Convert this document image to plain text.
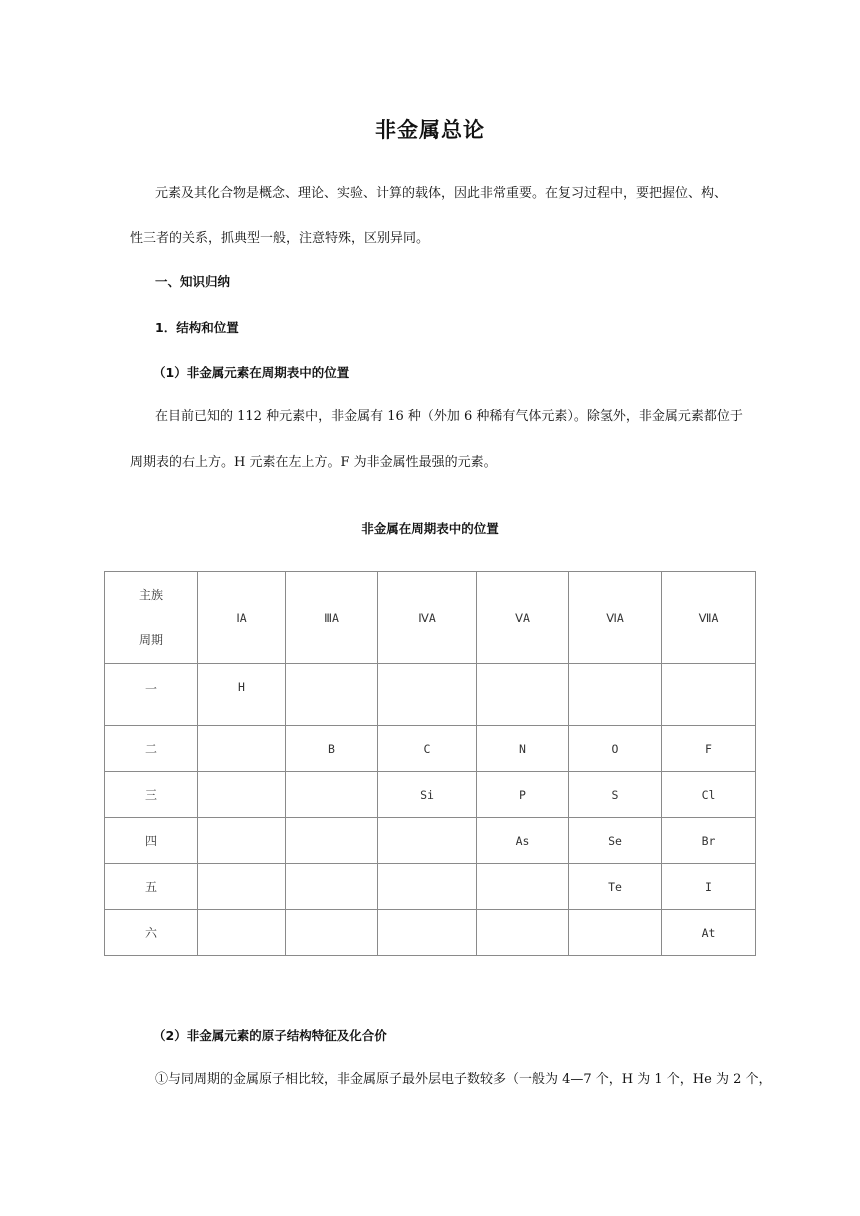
非金属总论
元素及其化合物是概念、理论、实验、计算的载体，因此非常重要。在复习过程中，要把握位、构、
性三者的关系，抓典型一般，注意特殊，区别异同。
一、知识归纳
1．结构和位置
（1）非金属元素在周期表中的位置
在目前已知的 112 种元素中，非金属有 16 种（外加 6 种稀有气体元素）。除氢外，非金属元素都位于
周期表的右上方。H 元素在左上方。F 为非金属性最强的元素。
非金属在周期表中的位置
主族
周期	ⅠA	ⅢA	ⅣA	ⅤA	ⅥA	ⅦA
一	H					
二		B	C	N	O	F
三			Si	P	S	Cl
四				As	Se	Br
五					Te	I
六						At
（2）非金属元素的原子结构特征及化合价
①与同周期的金属原子相比较，非金属原子最外层电子数较多（一般为 4—7 个，H 为 1 个，He 为 2 个，
